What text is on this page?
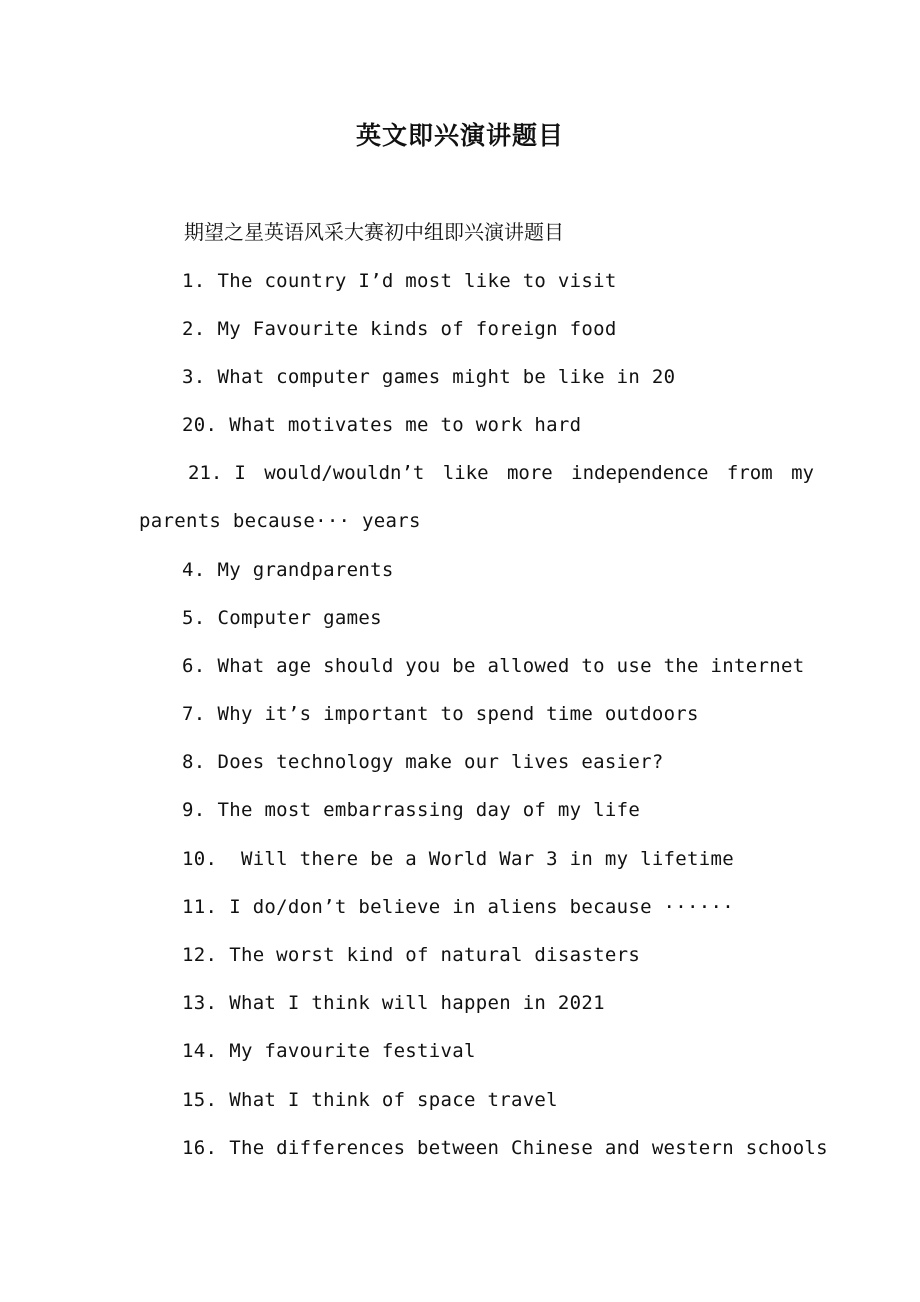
英文即兴演讲题目
期望之星英语风采大赛初中组即兴演讲题目
1. The country I’d most like to visit
2. My Favourite kinds of foreign food
3. What computer games might be like in 20
20. What motivates me to work hard
21. I would/wouldn’t like more independence from my
parents because··· years
4. My grandparents
5. Computer games
6. What age should you be allowed to use the internet
7. Why it’s important to spend time outdoors
8. Does technology make our lives easier?
9. The most embarrassing day of my life
10. Will there be a World War 3 in my lifetime
11. I do/don’t believe in aliens because ······
12. The worst kind of natural disasters
13. What I think will happen in 2021
14. My favourite festival
15. What I think of space travel
16. The differences between Chinese and western schools
